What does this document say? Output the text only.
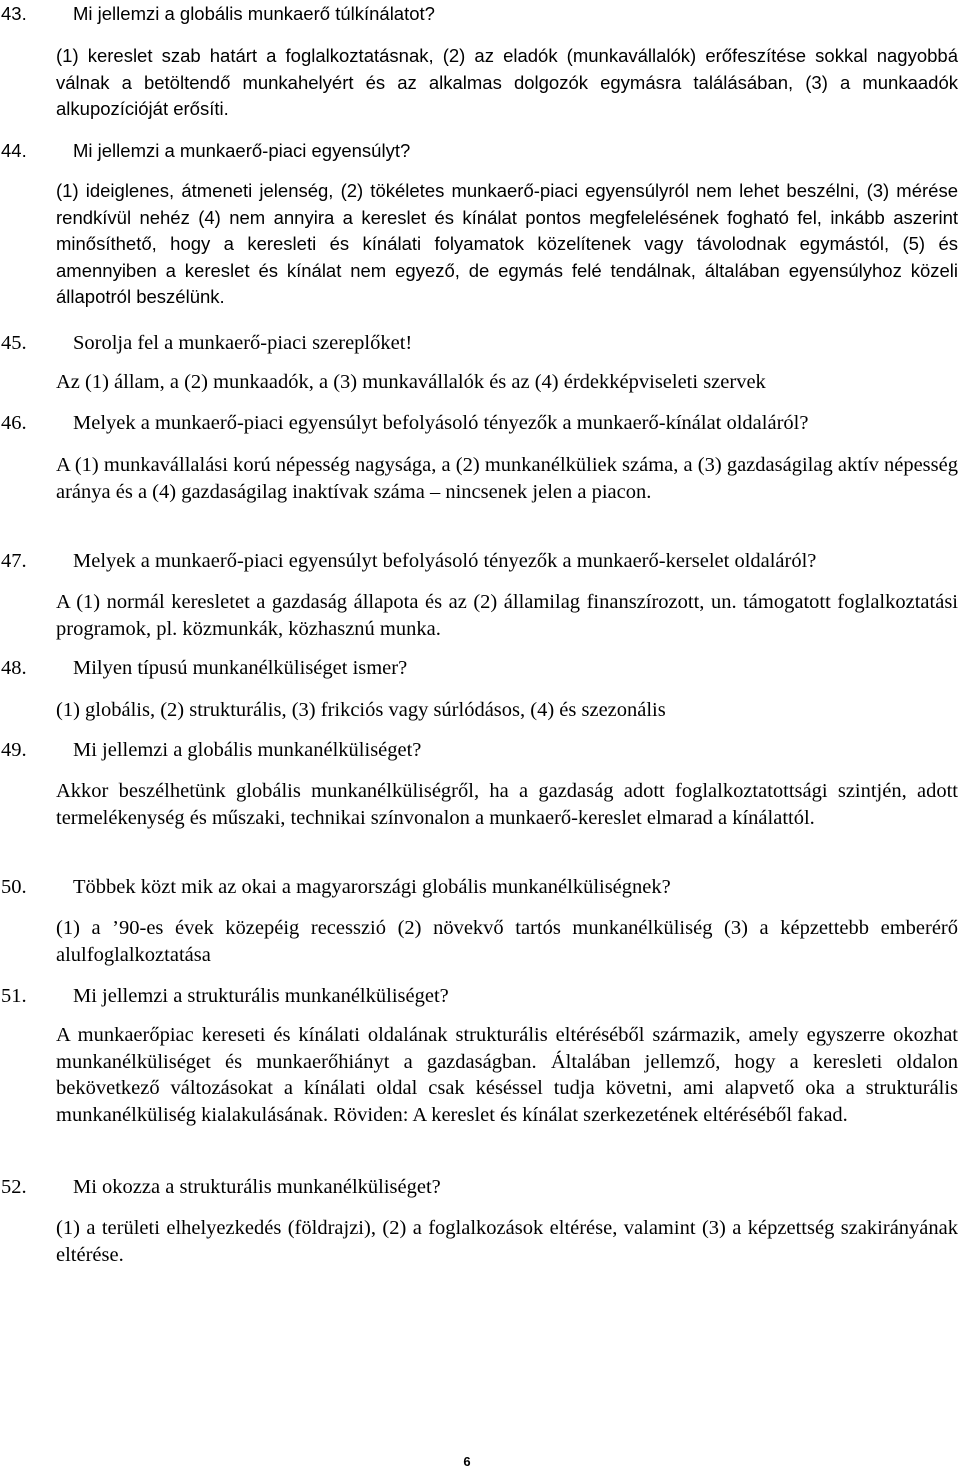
43.	Mi jellemzi a globális munkaerő túlkínálatot?
(1) kereslet szab határt a foglalkoztatásnak, (2) az eladók (munkavállalók) erőfeszítése sokkal nagyobbá válnak a betöltendő munkahelyért és az alkalmas dolgozók egymásra találásában, (3) a munkaadók alkupozícióját erősíti.
44.	Mi jellemzi a munkaerő-piaci egyensúlyt?
(1) ideiglenes, átmeneti jelenség, (2) tökéletes munkaerő-piaci egyensúlyról nem lehet beszélni, (3) mérése rendkívül nehéz (4) nem annyira a kereslet és kínálat pontos megfelelésének fogható fel, inkább aszerint minősíthető, hogy a keresleti és kínálati folyamatok közelítenek vagy távolodnak egymástól, (5) és amennyiben a kereslet és kínálat nem egyező, de egymás felé tendálnak, általában egyensúlyhoz közeli állapotról beszélünk.
45. Sorolja fel a munkaerő-piaci szereplőket!
Az (1) állam, a (2) munkaadók, a (3) munkavállalók és az (4) érdekképviseleti szervek
46. Melyek a munkaerő-piaci egyensúlyt befolyásoló tényezők a munkaerő-kínálat oldaláról?
A (1) munkavállalási korú népesség nagysága, a (2) munkanélküliek száma, a (3) gazdaságilag aktív népesség aránya és a (4) gazdaságilag inaktívak száma – nincsenek jelen a piacon.
47. Melyek a munkaerő-piaci egyensúlyt befolyásoló tényezők a munkaerő-kerselet oldaláról?
A (1) normál keresletet a gazdaság állapota és az (2) államilag finanszírozott, un. támogatott foglalkoztatási programok, pl. közmunkák, közhasznú munka.
48. Milyen típusú munkanélküliséget ismer?
(1) globális, (2) strukturális, (3) frikciós vagy súrlódásos, (4) és szezonális
49. Mi jellemzi a globális munkanélküliséget?
Akkor beszélhetünk globális munkanélküliségről, ha a gazdaság adott foglalkoztatottsági szintjén, adott termelékenység és műszaki, technikai színvonalon a munkaerő-kereslet elmarad a kínálattól.
50. Többek közt mik az okai a magyarországi globális munkanélküliségnek?
(1) a ’90-es évek közepéig recesszió (2) növekvő tartós munkanélküliség (3) a képzettebb emberérő alulfoglalkoztatása
51. Mi jellemzi a strukturális munkanélküliséget?
A munkaerőpiac kereseti és kínálati oldalának strukturális eltéréséből származik, amely egyszerre okozhat munkanélküliséget és munkaerőhiányt a gazdaságban. Általában jellemző, hogy a keresleti oldalon bekövetkező változásokat a kínálati oldal csak késéssel tudja követni, ami alapvető oka a strukturális munkanélküliség kialakulásának. Röviden: A kereslet és kínálat szerkezetének eltéréséből fakad.
52. Mi okozza a strukturális munkanélküliséget?
(1) a területi elhelyezkedés (földrajzi), (2) a foglalkozások eltérése, valamint (3) a képzettség szakirányának eltérése.
6
